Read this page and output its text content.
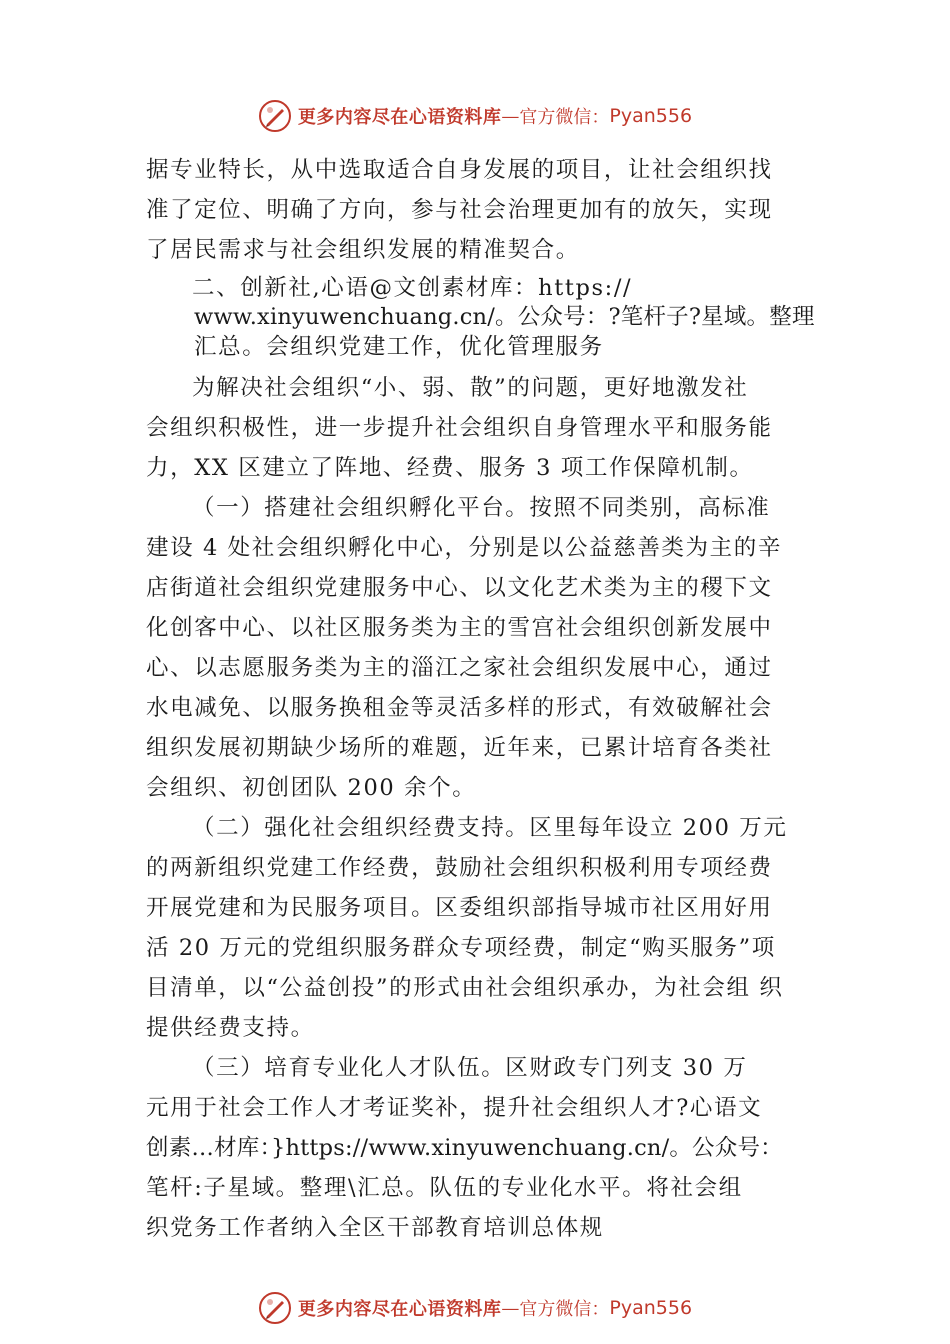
更多内容尽在心语资料库 — 官方微信： Pyan556
据专业特长，从中选取适合自身发展的项目，让社会组织找
准了定位、明确了方向，参与社会治理更加有的放矢，实现
了居民需求与社会组织发展的精准契合。
二、创新社,心语@文创素材库：https://
www.xinyuwenchuang.cn/。公众号：?笔杆子?星域。整理
汇总。会组织党建工作，优化管理服务
为解决社会组织“小、弱、散”的问题，更好地激发社
会组织积极性，进一步提升社会组织自身管理水平和服务能
力，XX 区建立了阵地、经费、服务 3 项工作保障机制。
（一）搭建社会组织孵化平台。按照不同类别，高标准
建设 4 处社会组织孵化中心，分别是以公益慈善类为主的辛
店街道社会组织党建服务中心、以文化艺术类为主的稷下文
化创客中心、以社区服务类为主的雪宫社会组织创新发展中
心、以志愿服务类为主的淄江之家社会组织发展中心，通过
水电减免、以服务换租金等灵活多样的形式，有效破解社会
组织发展初期缺少场所的难题，近年来，已累计培育各类社
会组织、初创团队 200 余个。
（二）强化社会组织经费支持。区里每年设立 200 万元
的两新组织党建工作经费，鼓励社会组织积极利用专项经费
开展党建和为民服务项目。区委组织部指导城市社区用好用
活 20 万元的党组织服务群众专项经费，制定“购买服务”项
目清单，以“公益创投”的形式由社会组织承办，为社会组 织
提供经费支持。
（三）培育专业化人才队伍。区财政专门列支 30 万
元用于社会工作人才考证奖补，提升社会组织人才?心语文
创素…材库：}https://www.xinyuwenchuang.cn/。公众号：
笔杆:子星域。整理\汇总。队伍的专业化水平。将社会组
织党务工作者纳入全区干部教育培训总体规
更多内容尽在心语资料库 — 官方微信： Pyan556
